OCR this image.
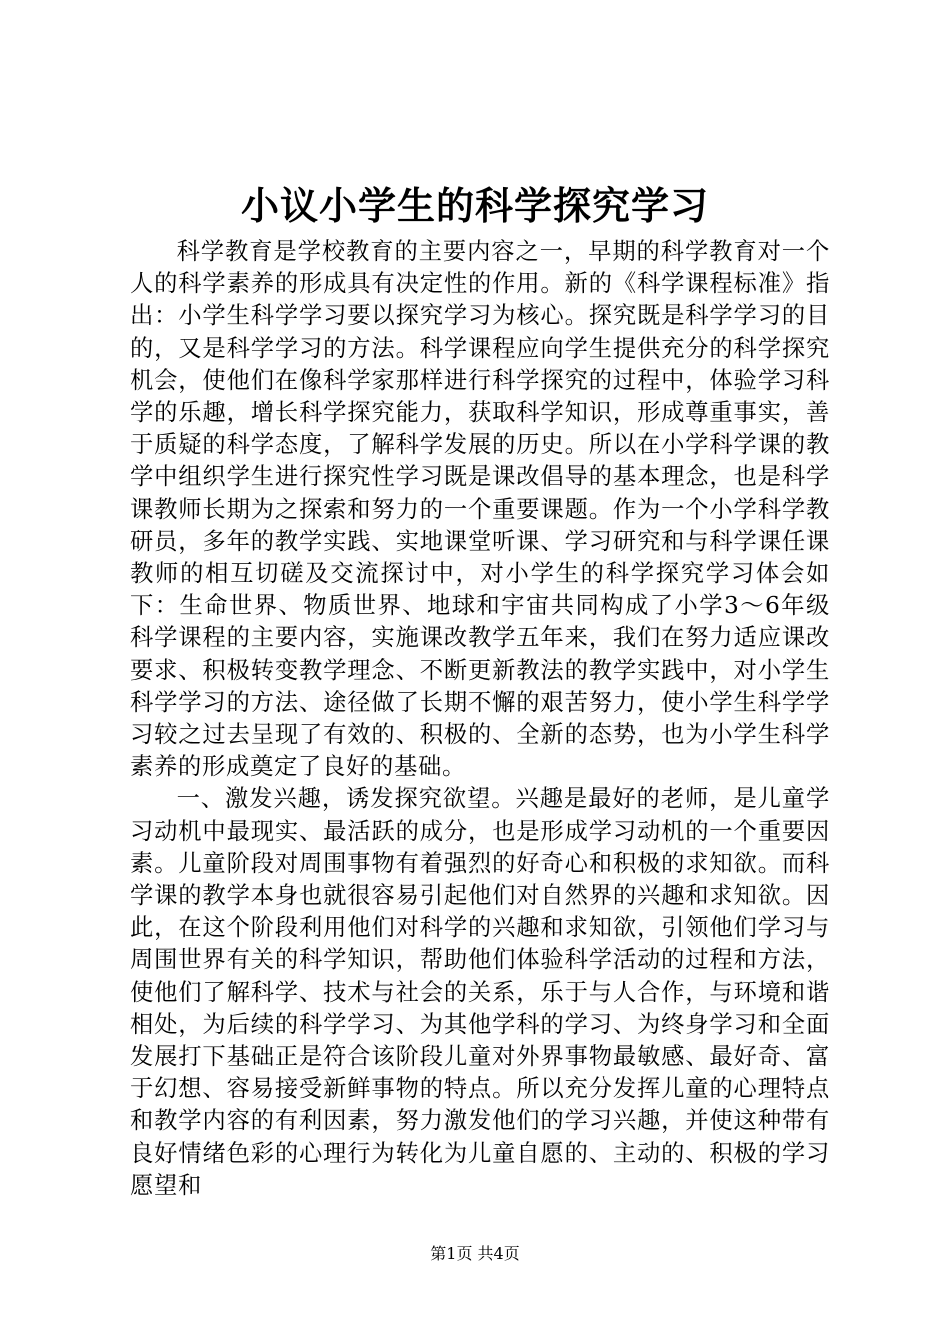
小议小学生的科学探究学习

科学教育是学校教育的主要内容之一，早期的科学教育对一个人的科学素养的形成具有决定性的作用。新的《科学课程标准》指出：小学生科学学习要以探究学习为核心。探究既是科学学习的目的，又是科学学习的方法。科学课程应向学生提供充分的科学探究机会，使他们在像科学家那样进行科学探究的过程中，体验学习科学的乐趣，增长科学探究能力，获取科学知识，形成尊重事实，善于质疑的科学态度，了解科学发展的历史。所以在小学科学课的教学中组织学生进行探究性学习既是课改倡导的基本理念，也是科学课教师长期为之探索和努力的一个重要课题。作为一个小学科学教研员，多年的教学实践、实地课堂听课、学习研究和与科学课任课教师的相互切磋及交流探讨中，对小学生的科学探究学习体会如下：生命世界、物质世界、地球和宇宙共同构成了小学3～6年级科学课程的主要内容，实施课改教学五年来，我们在努力适应课改要求、积极转变教学理念、不断更新教法的教学实践中，对小学生科学学习的方法、途径做了长期不懈的艰苦努力，使小学生科学学习较之过去呈现了有效的、积极的、全新的态势，也为小学生科学素养的形成奠定了良好的基础。

一、激发兴趣，诱发探究欲望。兴趣是最好的老师，是儿童学习动机中最现实、最活跃的成分，也是形成学习动机的一个重要因素。儿童阶段对周围事物有着强烈的好奇心和积极的求知欲。而科学课的教学本身也就很容易引起他们对自然界的兴趣和求知欲。因此，在这个阶段利用他们对科学的兴趣和求知欲，引领他们学习与周围世界有关的科学知识，帮助他们体验科学活动的过程和方法，使他们了解科学、技术与社会的关系，乐于与人合作，与环境和谐相处，为后续的科学学习、为其他学科的学习、为终身学习和全面发展打下基础正是符合该阶段儿童对外界事物最敏感、最好奇、富于幻想、容易接受新鲜事物的特点。所以充分发挥儿童的心理特点和教学内容的有利因素，努力激发他们的学习兴趣，并使这种带有良好情绪色彩的心理行为转化为儿童自愿的、主动的、积极的学习愿望和

第1页 共4页
